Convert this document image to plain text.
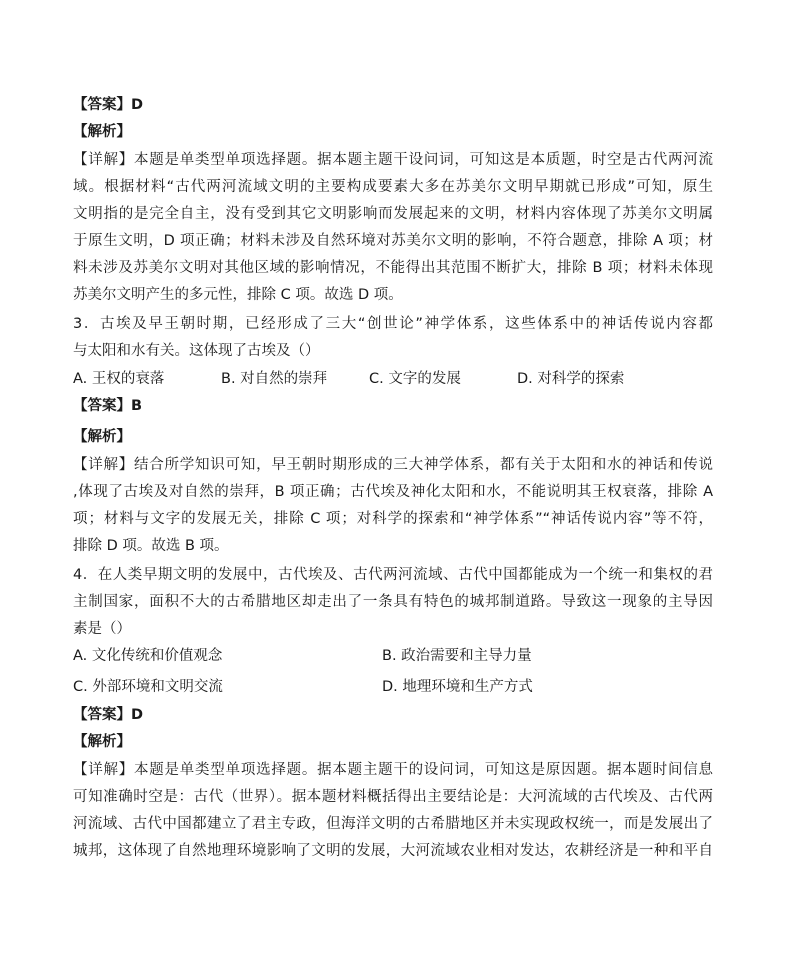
【答案】D
【解析】
【详解】本题是单类型单项选择题。据本题主题干设问词，可知这是本质题，时空是古代两河流
域。根据材料“古代两河流域文明的主要构成要素大多在苏美尔文明早期就已形成”可知，原生
文明指的是完全自主，没有受到其它文明影响而发展起来的文明，材料内容体现了苏美尔文明属
于原生文明，D 项正确；材料未涉及自然环境对苏美尔文明的影响，不符合题意，排除 A 项；材
料未涉及苏美尔文明对其他区域的影响情况，不能得出其范围不断扩大，排除 B 项；材料未体现
苏美尔文明产生的多元性，排除 C 项。故选 D 项。
3．古埃及早王朝时期，已经形成了三大“创世论”神学体系，这些体系中的神话传说内容都
与太阳和水有关。这体现了古埃及（）
A. 王权的衰落	B. 对自然的崇拜	C. 文字的发展	D. 对科学的探索
【答案】B
【解析】
【详解】结合所学知识可知，早王朝时期形成的三大神学体系，都有关于太阳和水的神话和传说
,体现了古埃及对自然的崇拜，B 项正确；古代埃及神化太阳和水，不能说明其王权衰落，排除 A
项；材料与文字的发展无关，排除 C 项；对科学的探索和“神学体系”“神话传说内容”等不符，
排除 D 项。故选 B 项。
4．在人类早期文明的发展中，古代埃及、古代两河流域、古代中国都能成为一个统一和集权的君
主制国家，面积不大的古希腊地区却走出了一条具有特色的城邦制道路。导致这一现象的主导因
素是（）
A. 文化传统和价值观念	B. 政治需要和主导力量
C. 外部环境和文明交流	D. 地理环境和生产方式
【答案】D
【解析】
【详解】本题是单类型单项选择题。据本题主题干的设问词，可知这是原因题。据本题时间信息
可知准确时空是：古代（世界）。据本题材料概括得出主要结论是：大河流域的古代埃及、古代两
河流域、古代中国都建立了君主专政，但海洋文明的古希腊地区并未实现政权统一，而是发展出了
城邦，这体现了自然地理环境影响了文明的发展，大河流域农业相对发达，农耕经济是一种和平自
